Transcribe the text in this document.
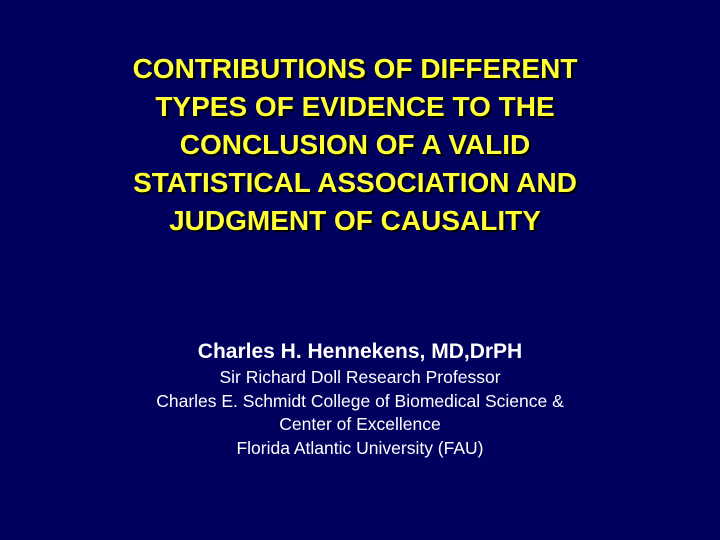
CONTRIBUTIONS OF DIFFERENT
TYPES OF EVIDENCE TO THE
CONCLUSION OF A VALID
STATISTICAL ASSOCIATION AND
JUDGMENT OF CAUSALITY
Charles H. Hennekens, MD,DrPH
Sir Richard Doll Research Professor
Charles E. Schmidt College of Biomedical Science &
Center of Excellence
Florida Atlantic University (FAU)
